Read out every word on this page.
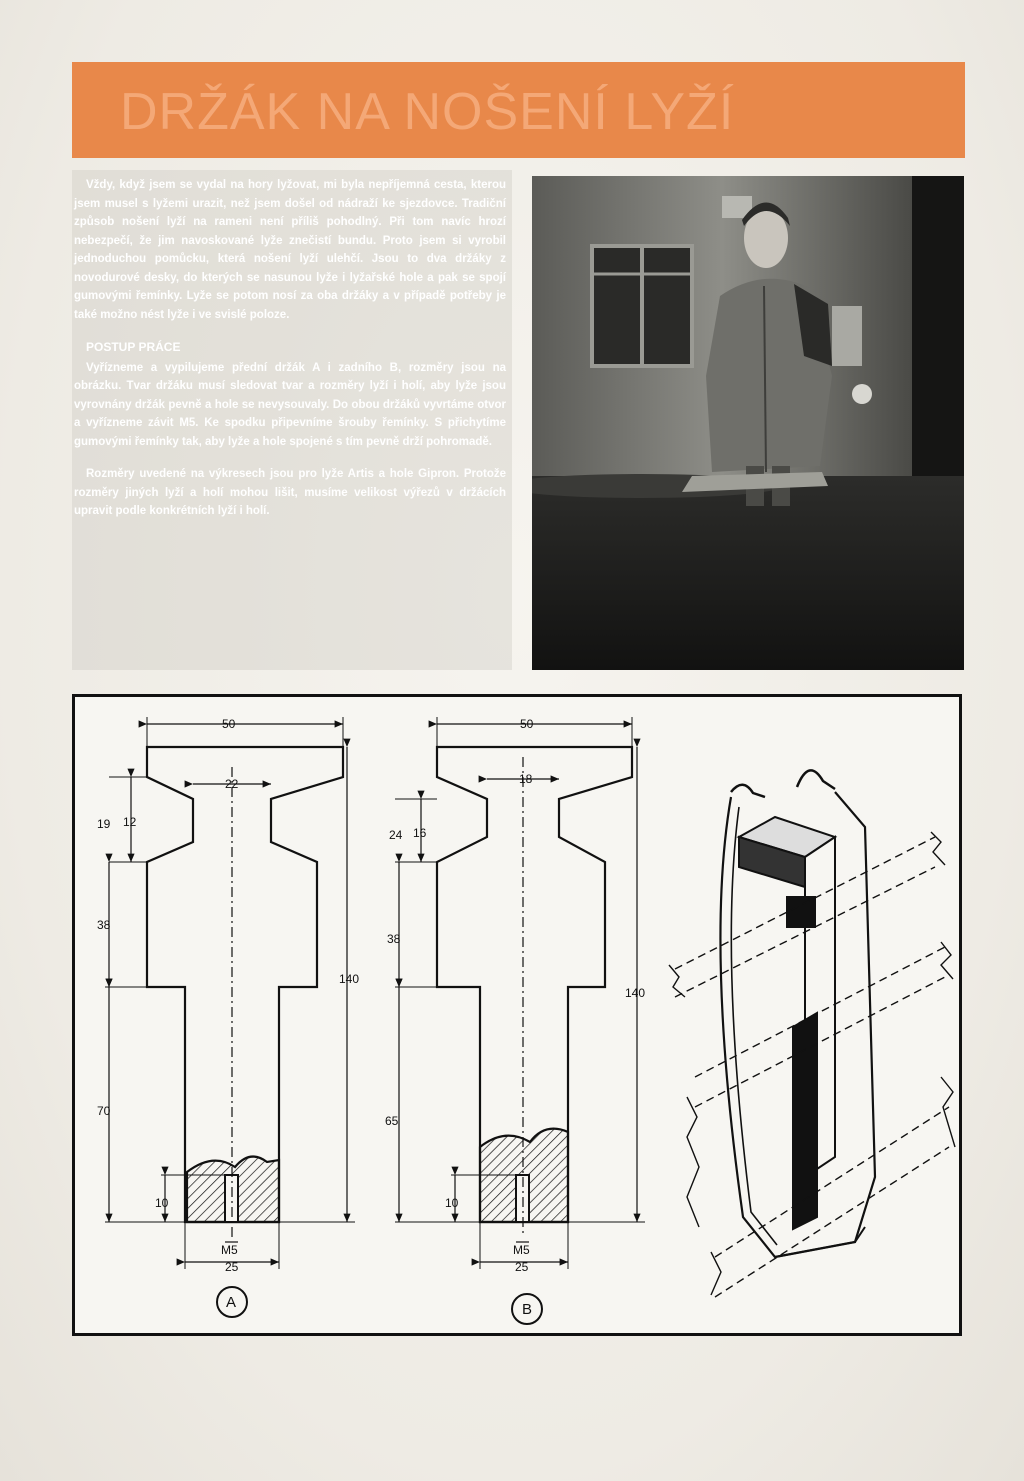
DRŽÁK NA NOŠENÍ LYŽÍ

Vždy, když jsem se vydal na hory lyžovat, mi byla nepříjemná cesta, kterou jsem musel s lyžemi urazit, než jsem došel od nádraží ke sjezdovce. Tradiční způsob nošení lyží na rameni není příliš pohodlný. Při tom navíc hrozí nebezpečí, že jim navoskované lyže znečistí bundu. Proto jsem si vyrobil jednoduchou pomůcku, která nošení lyží ulehčí. Jsou to dva držáky z novodurové desky, do kterých se nasunou lyže i lyžařské hole a pak se spojí gumovými řemínky. Lyže se potom nosí za oba držáky a v případě potřeby je také možno nést lyže i ve svislé poloze.

POSTUP PRÁCE

Vyřízneme a vypilujeme přední držák A i zadního B, rozměry jsou na obrázku. Tvar držáku musí sledovat tvar a rozměry lyží i holí, aby lyže jsou vyrovnány držák pevně a hole se nevysouvaly. Do obou držáků vyvrtáme otvor a vyřízneme závit M5. Ke spodku připevníme šrouby řemínky. S přichytíme gumovými řemínky tak, aby lyže a hole spojené s tím pevně drží pohromadě.

Rozměry uvedené na výkresech jsou pro lyže Artis a hole Gipron. Protože rozměry jiných lyží a holí mohou lišit, musíme velikost výřezů v držácích upravit podle konkrétních lyží i holí.

50
22
19 12
38
140
70
10
M5
25
A
50
18
24 16
38
140
65
10
M5
25
B
